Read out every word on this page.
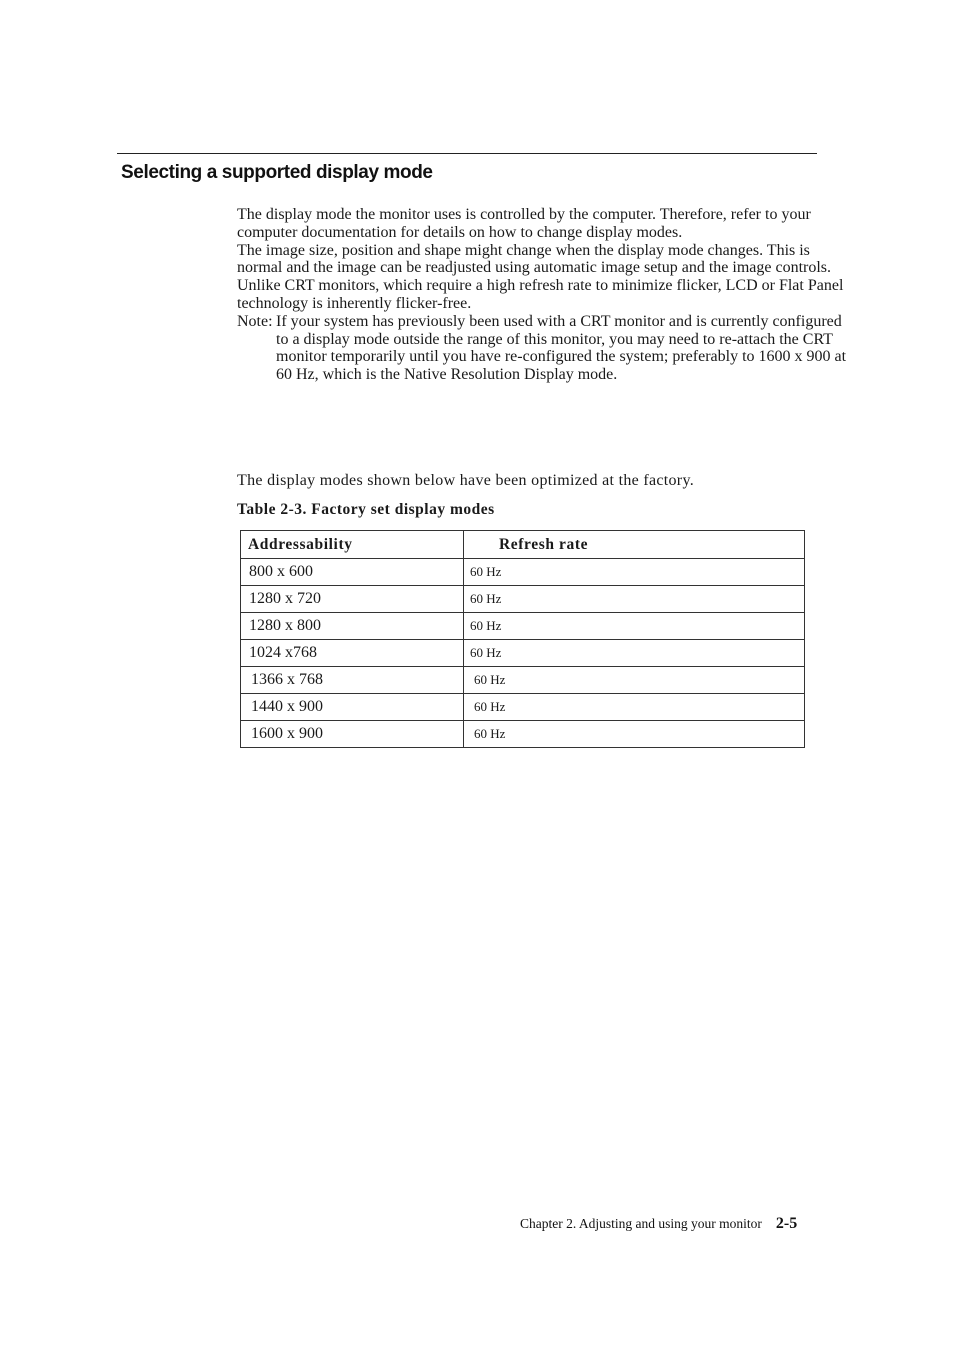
Selecting a supported display mode

The display mode the monitor uses is controlled by the computer. Therefore, refer to your computer documentation for details on how to change display modes.

The image size, position and shape might change when the display mode changes. This is normal and the image can be readjusted using automatic image setup and the image controls.

Unlike CRT monitors, which require a high refresh rate to minimize flicker, LCD or Flat Panel technology is inherently flicker-free.

Note: If your system has previously been used with a CRT monitor and is currently configured to a display mode outside the range of this monitor, you may need to re-attach the CRT monitor temporarily until you have re-configured the system; preferably to 1600 x 900 at 60 Hz, which is the Native Resolution Display mode.

The display modes shown below have been optimized at the factory.

Table 2-3. Factory set display modes

Addressability	Refresh rate
800 x 600	60 Hz
1280 x 720	60 Hz
1280 x 800	60 Hz
1024 x768	60 Hz
1366 x 768	60 Hz
1440 x 900	60 Hz
1600 x 900	60 Hz
Chapter 2. Adjusting and using your monitor 2-5
